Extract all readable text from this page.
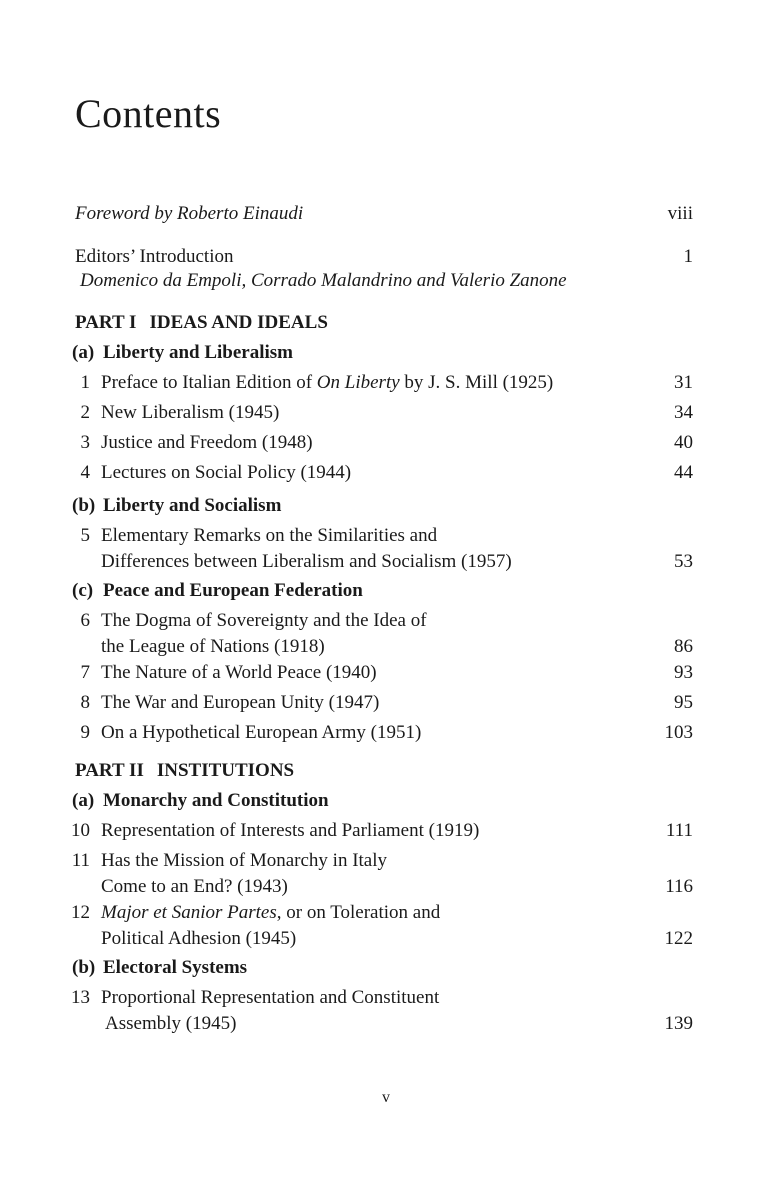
Contents
Foreword by Roberto Einaudi	viii
Editors’ Introduction	1
Domenico da Empoli, Corrado Malandrino and Valerio Zanone
PART I IDEAS AND IDEALS
(a) Liberty and Liberalism
1 Preface to Italian Edition of On Liberty by J. S. Mill (1925)	31
2 New Liberalism (1945)	34
3 Justice and Freedom (1948)	40
4 Lectures on Social Policy (1944)	44
(b) Liberty and Socialism
5 Elementary Remarks on the Similarities and
Differences between Liberalism and Socialism (1957)	53
(c) Peace and European Federation
6 The Dogma of Sovereignty and the Idea of
the League of Nations (1918)	86
7 The Nature of a World Peace (1940)	93
8 The War and European Unity (1947)	95
9 On a Hypothetical European Army (1951)	103
PART II INSTITUTIONS
(a) Monarchy and Constitution
10 Representation of Interests and Parliament (1919)	111
11 Has the Mission of Monarchy in Italy
Come to an End? (1943)	116
12 Major et Sanior Partes, or on Toleration and
Political Adhesion (1945)	122
(b) Electoral Systems
13 Proportional Representation and Constituent
Assembly (1945)	139
v
